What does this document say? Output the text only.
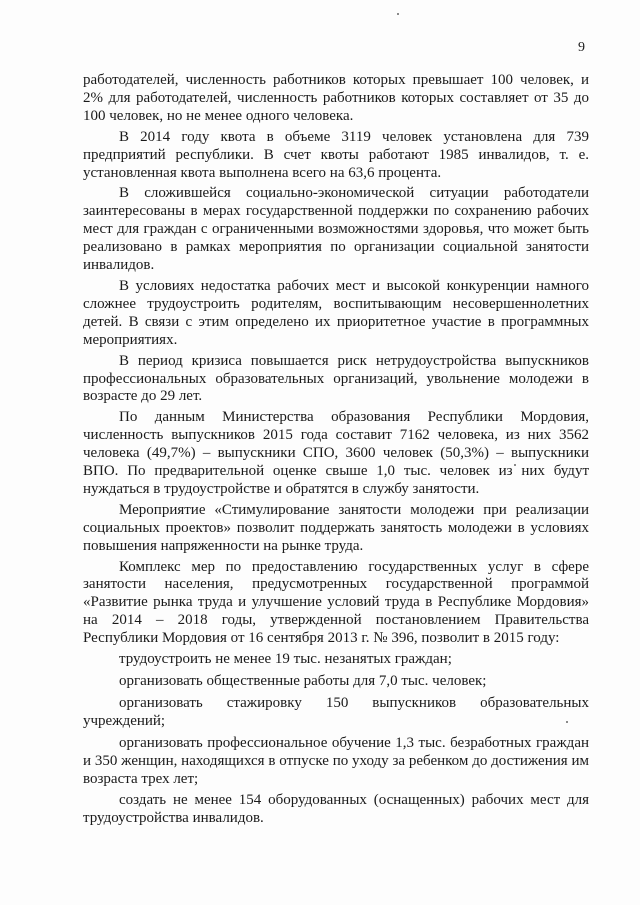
9

работодателей, численность работников которых превышает 100 человек, и 2% для работодателей, численность работников которых составляет от 35 до 100 человек, но не менее одного человека.

В 2014 году квота в объеме 3119 человек установлена для 739 предприятий республики. В счет квоты работают 1985 инвалидов, т. е. установленная квота выполнена всего на 63,6 процента.

В сложившейся социально-экономической ситуации работодатели заинтересованы в мерах государственной поддержки по сохранению рабочих мест для граждан с ограниченными возможностями здоровья, что может быть реализовано в рамках мероприятия по организации социальной занятости инвалидов.

В условиях недостатка рабочих мест и высокой конкуренции намного сложнее трудоустроить родителям, воспитывающим несовершеннолетних детей. В связи с этим определено их приоритетное участие в программных мероприятиях.

В период кризиса повышается риск нетрудоустройства выпускников профессиональных образовательных организаций, увольнение молодежи в возрасте до 29 лет.

По данным Министерства образования Республики Мордовия, численность выпускников 2015 года составит 7162 человека, из них 3562 человека (49,7%) – выпускники СПО, 3600 человек (50,3%) – выпускники ВПО. По предварительной оценке свыше 1,0 тыс. человек из них будут нуждаться в трудоустройстве и обратятся в службу занятости.

Мероприятие «Стимулирование занятости молодежи при реализации социальных проектов» позволит поддержать занятость молодежи в условиях повышения напряженности на рынке труда.

Комплекс мер по предоставлению государственных услуг в сфере занятости населения, предусмотренных государственной программой «Развитие рынка труда и улучшение условий труда в Республике Мордовия» на 2014 – 2018 годы, утвержденной постановлением Правительства Республики Мордовия от 16 сентября 2013 г. № 396, позволит в 2015 году:

трудоустроить не менее 19 тыс. незанятых граждан;

организовать общественные работы для 7,0 тыс. человек;

организовать стажировку 150 выпускников образовательных учреждений;

организовать профессиональное обучение 1,3 тыс. безработных граждан и 350 женщин, находящихся в отпуске по уходу за ребенком до достижения им возраста трех лет;

создать не менее 154 оборудованных (оснащенных) рабочих мест для трудоустройства инвалидов.
